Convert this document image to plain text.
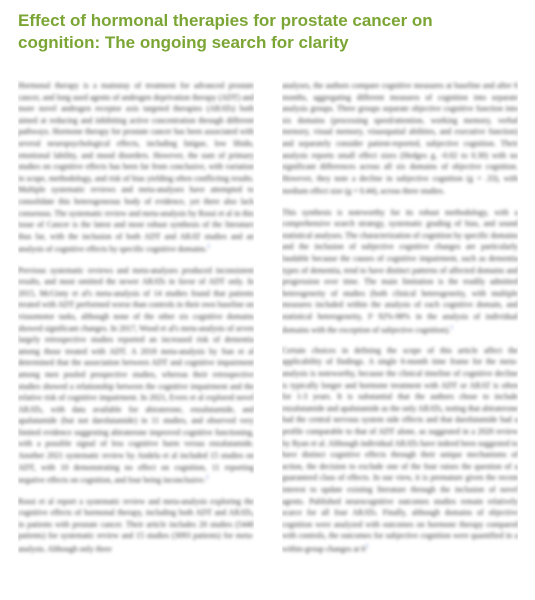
Effect of hormonal therapies for prostate cancer on cognition: The ongoing search for clarity

Hormonal therapy is a mainstay of treatment for advanced prostate cancer, and long used agents of androgen deprivation therapy (ADT) and more novel androgen receptor axis targeted therapies (ARATs) both aimed at reducing and inhibiting active concentration through different pathways. Hormone therapy for prostate cancer has been associated with several neuropsychological effects, including fatigue, low libido, emotional lability, and mood disorders. However, the sum of primary studies on cognitive effects has been far from conclusive, with variation in scope, methodology, and risk of bias yielding often conflicting results. Multiple systematic reviews and meta-analyses have attempted to consolidate this heterogeneous body of evidence, yet there also lack consensus. The systematic review and meta-analysis by Rossi et al in this issue of Cancer is the latest and most robust synthesis of the literature thus far, with the inclusion of both ADT and ARAT studies and an analysis of cognitive effects by specific cognitive domains.$^1$

Previous systematic reviews and meta-analyses produced inconsistent results, and most omitted the newer ARATs in favor of ADT only. In 2015, McGinty et al's meta-analysis of 14 studies found that patients treated with ADT performed worse than controls in their own baseline on visuomotor tasks, although none of the other six cognitive domains showed significant changes. In 2017, Wood et al's meta-analysis of seven largely retrospective studies reported an increased risk of dementia among those treated with ADT. A 2018 meta-analysis by Sun et al determined that the association between ADT and cognitive impairment among men pooled prospective studies, whereas their retrospective studies showed a relationship between the cognitive impairment and the relative risk of cognitive impairment. In 2021, Evers et al explored novel ARATs, with data available for abiraterone, enzalutamide, and apalutamide (but not darolutamide) in 11 studies, and observed very limited evidence suggesting abiraterone improved cognitive functioning, with a possible signal of less cognitive harm versus enzalutamide. Another 2021 systematic review by Andela et al included 15 studies on ADT, with 10 demonstrating no effect on cognition, 11 reporting negative effects on cognition, and four being inconclusive.$^2$

Rossi et al report a systematic review and meta-analysis exploring the cognitive effects of hormonal therapy, including both ADT and ARATs, in patients with prostate cancer. Their article includes 20 studies (5440 patients) for systematic review and 15 studies (3093 patients) for meta-analysis. Although only three

analyses, the authors compare cognitive measures at baseline and after 6 months, aggregating different measures of cognition into separate analysis groups. Three groups separate objective cognitive function into six domains (processing speed/attention, working memory, verbal memory, visual memory, visuospatial abilities, and executive function) and separately consider patient-reported, subjective cognition. Their analysis reports small effect sizes (Hedges g, -0.02 to 0.30) with no significant differences across all six domains of objective cognition. However, they note a decline in subjective cognition (g = .33), with medium effect size (g = 0.44), across three studies.

This synthesis is noteworthy for its robust methodology, with a comprehensive search strategy, systematic grading of bias, and sound statistical analyses. The characterization of cognition by specific domains and the inclusion of subjective cognitive changes are particularly laudable because the causes of cognitive impairment, such as dementia types of dementia, tend to have distinct patterns of affected domains and progression over time. The main limitation is the readily admitted heterogeneity of studies (both clinical heterogeneity, with multiple measures included within the analysis of each cognitive domain, and statistical heterogeneity, I² 92%-98% in the analysis of individual domains with the exception of subjective cognition).$^1$

Certain choices in defining the scope of this article affect the applicability of findings. A single 6-month time frame for the meta-analysis is noteworthy, because the clinical timeline of cognitive decline is typically longer and hormone treatment with ADT or ARAT is often for 1-3 years. It is substantial that the authors chose to include enzalutamide and apalutamide as the only ARATs, noting that abiraterone had the central nervous system side effects and that darolutamide had a profile comparable to that of ADT alone, as suggested in a 2020 review by Ryan et al. Although individual ARATs have indeed been suggested to have distinct cognitive effects through their unique mechanisms of action, the decision to exclude one of the four raises the question of a guaranteed class of effects. In our view, it is premature given the recent interest to update existing literature through the inclusion of novel agents. Published neurocognitive outcomes studies remain relatively scarce for all four ARATs. Finally, although domains of objective cognition were analyzed with outcomes on hormone therapy compared with controls, the outcomes for subjective cognition were quantified in a within-group changes at 6$^2$
